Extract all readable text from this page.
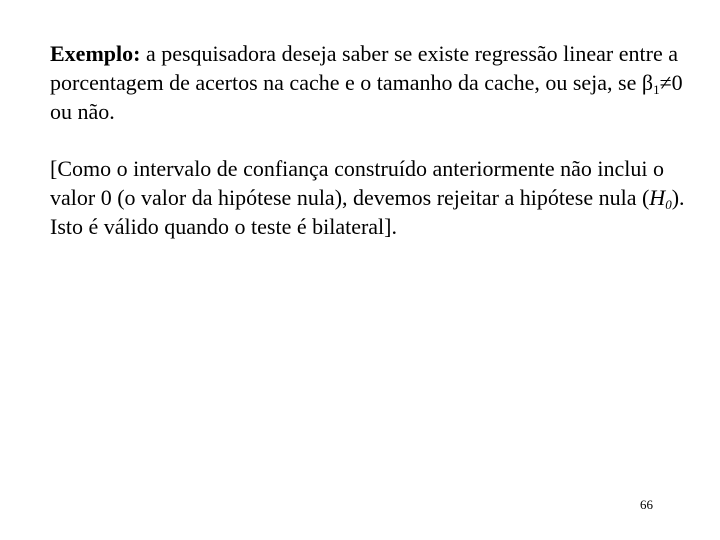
Exemplo: a pesquisadora deseja saber se existe regressão linear entre a porcentagem de acertos na cache e o tamanho da cache, ou seja, se $\beta_1\ne 0$ ou não.

[Como o intervalo de confiança construído anteriormente não inclui o valor 0 (o valor da hipótese nula), devemos rejeitar a hipótese nula $(H_0)$. Isto é válido quando o teste é bilateral].

66
